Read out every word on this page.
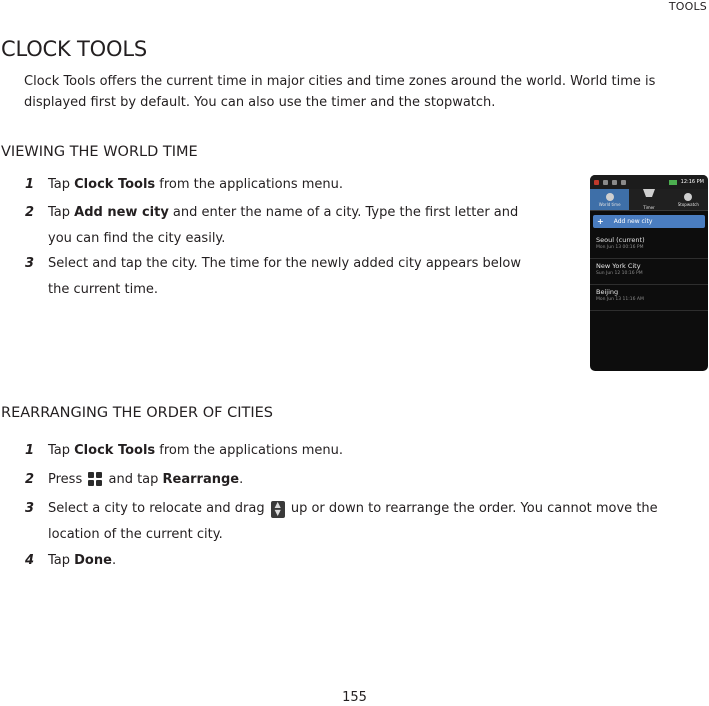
TOOLS
CLOCK TOOLS

Clock Tools offers the current time in major cities and time zones around the world. World time is displayed first by default. You can also use the timer and the stopwatch.

VIEWING THE WORLD TIME
1 Tap Clock Tools from the applications menu.
2 Tap Add new city and enter the name of a city. Type the first letter and you can find the city easily.
3 Select and tap the city. The time for the newly added city appears below the current time.
12:16 PM
World time
Timer
Stopwatch
+ Add new city
Seoul (current)
Mon Jun 13 00:16 PM
New York City
Sun Jun 12 10:16 PM
Beijing
Mon Jun 13 11:16 AM
REARRANGING THE ORDER OF CITIES
1 Tap Clock Tools from the applications menu.
2 Press
and tap Rearrange.
3 Select a city to relocate and drag ▲
▼ up or down to rearrange the order. You cannot move the location of the current city.
4 Tap Done.
155
